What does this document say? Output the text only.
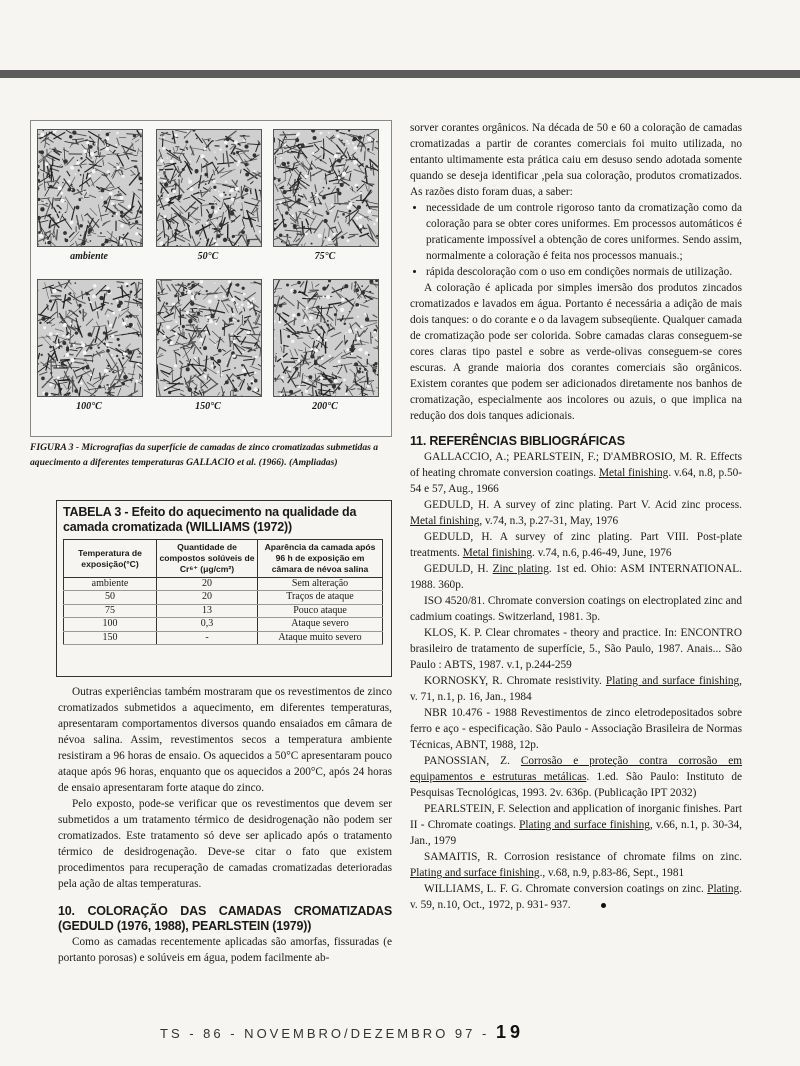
ambiente	50°C	75°C
100°C	150°C	200°C
FIGURA 3 - Micrografias da superfície de camadas de zinco cromatizadas submetidas a aquecimento a diferentes temperaturas GALLACIO et al. (1966). (Ampliadas)
TABELA 3 - Efeito do aquecimento na qualidade da camada cromatizada (WILLIAMS (1972))
Temperatura de exposição(°C)	Quantidade de compostos solúveis de Cr⁶⁺ (μg/cm²)	Aparência da camada após 96 h de exposição em câmara de névoa salina
ambiente	20	Sem alteração
50	20	Traços de ataque
75	13	Pouco ataque
100	0,3	Ataque severo
150	-	Ataque muito severo

Outras experiências também mostraram que os revestimentos de zinco cromatizados submetidos a aquecimento, em diferentes temperaturas, apresentaram comportamentos diversos quando ensaiados em câmara de névoa salina. Assim, revestimentos secos a temperatura ambiente resistiram a 96 horas de ensaio. Os aquecidos a 50°C apresentaram pouco ataque após 96 horas, enquanto que os aquecidos a 200°C, após 24 horas de ensaio apresentaram forte ataque do zinco.

Pelo exposto, pode-se verificar que os revestimentos que devem ser submetidos a um tratamento térmico de desidrogenação não podem ser cromatizados. Este tratamento só deve ser aplicado após o tratamento térmico de desidrogenação. Deve-se citar o fato que existem procedimentos para recuperação de camadas cromatizadas deterioradas pela ação de altas temperaturas.

10. COLORAÇÃO DAS CAMADAS CROMATIZADAS (GEDULD (1976, 1988), PEARLSTEIN (1979))

Como as camadas recentemente aplicadas são amorfas, fissuradas (e portanto porosas) e solúveis em água, podem facilmente ab-

sorver corantes orgânicos. Na década de 50 e 60 a coloração de camadas cromatizadas a partir de corantes comerciais foi muito utilizada, no entanto ultimamente esta prática caiu em desuso sendo adotada somente quando se deseja identificar ,pela sua coloração, produtos cromatizados. As razões disto foram duas, a saber:

• necessidade de um controle rigoroso tanto da cromatização como da coloração para se obter cores uniformes. Em processos automáticos é praticamente impossível a obtenção de cores uniformes. Sendo assim, normalmente a coloração é feita nos processos manuais.;
• rápida descoloração com o uso em condições normais de utilização.

A coloração é aplicada por simples imersão dos produtos zincados cromatizados e lavados em água. Portanto é necessária a adição de mais dois tanques: o do corante e o da lavagem subseqüente. Qualquer camada de cromatização pode ser colorida. Sobre camadas claras conseguem-se cores claras tipo pastel e sobre as verde-olivas conseguem-se cores escuras. A grande maioria dos corantes comerciais são orgânicos. Existem corantes que podem ser adicionados diretamente nos banhos de cromatização, especialmente aos incolores ou azuis, o que implica na redução dos dois tanques adicionais.

11. REFERÊNCIAS BIBLIOGRÁFICAS

GALLACCIO, A.; PEARLSTEIN, F.; D'AMBROSIO, M. R. Effects of heating chromate conversion coatings. Metal finishing. v.64, n.8, p.50-54 e 57, Aug., 1966

GEDULD, H. A survey of zinc plating. Part V. Acid zinc process. Metal finishing, v.74, n.3, p.27-31, May, 1976

GEDULD, H. A survey of zinc plating. Part VIII. Post-plate treatments. Metal finishing. v.74, n.6, p.46-49, June, 1976

GEDULD, H. Zinc plating. 1st ed. Ohio: ASM INTERNATIONAL. 1988. 360p.

ISO 4520/81. Chromate conversion coatings on electroplated zinc and cadmium coatings. Switzerland, 1981. 3p.

KLOS, K. P. Clear chromates - theory and practice. In: ENCONTRO brasileiro de tratamento de superfície, 5., São Paulo, 1987. Anais... São Paulo : ABTS, 1987. v.1, p.244-259

KORNOSKY, R. Chromate resistivity. Plating and surface finishing, v. 71, n.1, p. 16, Jan., 1984

NBR 10.476 - 1988 Revestimentos de zinco eletrodepositados sobre ferro e aço - especificação. São Paulo - Associação Brasileira de Normas Técnicas, ABNT, 1988, 12p.

PANOSSIAN, Z. Corrosão e proteção contra corrosão em equipamentos e estruturas metálicas. 1.ed. São Paulo: Instituto de Pesquisas Tecnológicas, 1993. 2v. 636p. (Publicação IPT 2032)

PEARLSTEIN, F. Selection and application of inorganic finishes. Part II - Chromate coatings. Plating and surface finishing, v.66, n.1, p. 30-34, Jan., 1979

SAMAITIS, R. Corrosion resistance of chromate films on zinc. Plating and surface finishing., v.68, n.9, p.83-86, Sept., 1981

WILLIAMS, L. F. G. Chromate conversion coatings on zinc. Plating. v. 59, n.10, Oct., 1972, p. 931- 937.

TS - 86 - NOVEMBRO/DEZEMBRO 97 - 19
